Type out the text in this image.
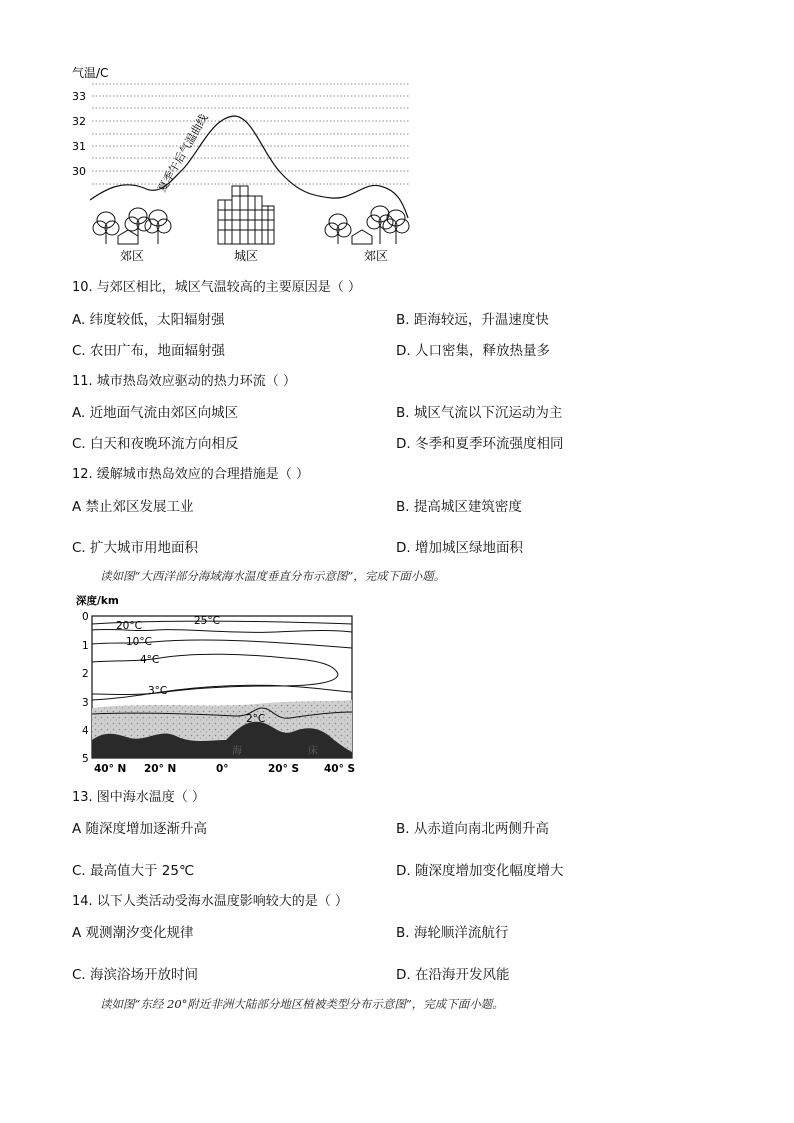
气温/C
33
32
31
30	夏季午后气温曲线
郊区	城区	郊区
10. 与郊区相比，城区气温较高的主要原因是（ ）
A. 纬度较低，太阳辐射强	B. 距海较远，升温速度快
C. 农田广布，地面辐射强	D. 人口密集，释放热量多
11. 城市热岛效应驱动的热力环流（ ）
A. 近地面气流由郊区向城区	B. 城区气流以下沉运动为主
C. 白天和夜晚环流方向相反	D. 冬季和夏季环流强度相同
12. 缓解城市热岛效应的合理措施是（ ）
A 禁止郊区发展工业	B. 提高城区建筑密度
C. 扩大城市用地面积	D. 增加城区绿地面积
读如图“大西洋部分海域海水温度垂直分布示意图”，完成下面小题。
深度/km
20°C	25°C
10°C
4°C
3°C
2°C
海	床
0
1
2
3
4
5
40° N 20° N	0°	20° S 40° S
13. 图中海水温度（ ）
A 随深度增加逐渐升高	B. 从赤道向南北两侧升高
C. 最高值大于 25℃	D. 随深度增加变化幅度增大
14. 以下人类活动受海水温度影响较大的是（ ）
A 观测潮汐变化规律	B. 海轮顺洋流航行
C. 海滨浴场开放时间	D. 在沿海开发风能
读如图“东经 20°附近非洲大陆部分地区植被类型分布示意图”，完成下面小题。
